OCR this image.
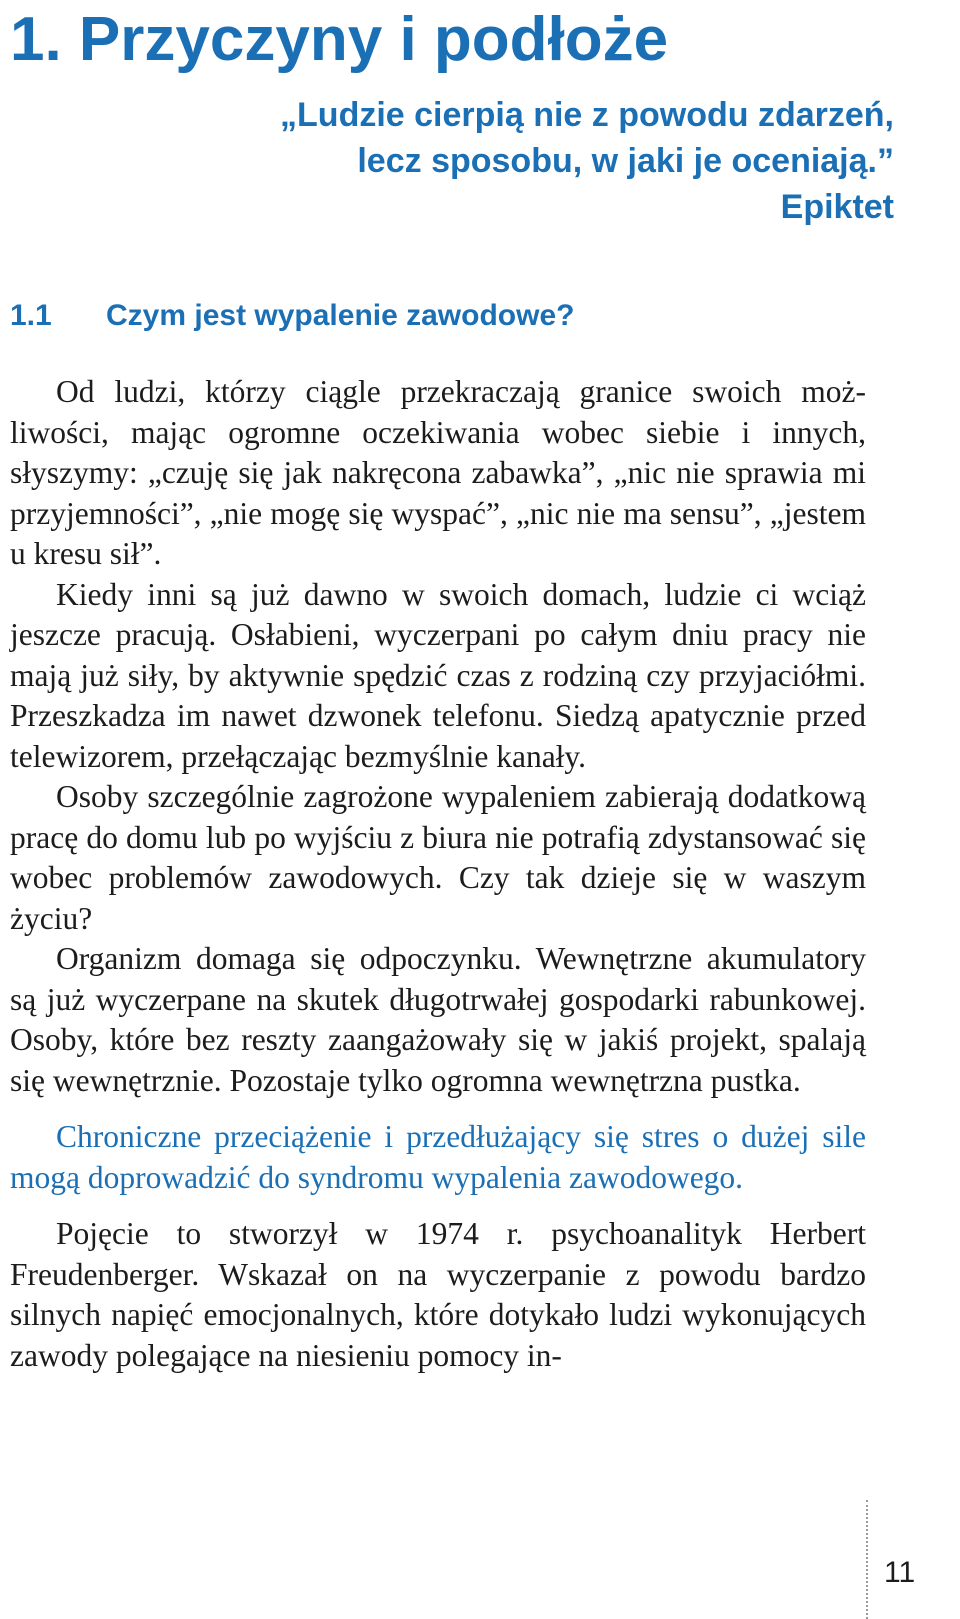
1. Przyczyny i podłoże
„Ludzie cierpią nie z powodu zdarzeń,
lecz sposobu, w jaki je oceniają.”
Epiktet
1.1 Czym jest wypalenie zawodowe?

Od ludzi, którzy ciągle przekraczają granice swoich możliwości, mając ogromne oczekiwania wobec siebie i innych, słyszymy: „czuję się jak nakręcona zabawka”, „nic nie sprawia mi przyjemności”, „nie mogę się wyspać”, „nic nie ma sensu”, „jestem u kresu sił”.

Kiedy inni są już dawno w swoich domach, ludzie ci wciąż jeszcze pracują. Osłabieni, wyczerpani po całym dniu pracy nie mają już siły, by aktywnie spędzić czas z rodziną czy przyjaciółmi. Przeszkadza im nawet dzwonek telefonu. Siedzą apatycznie przed telewizorem, przełączając bezmyślnie kanały.

Osoby szczególnie zagrożone wypaleniem zabierają dodatkową pracę do domu lub po wyjściu z biura nie potrafią zdystansować się wobec problemów zawodowych. Czy tak dzieje się w waszym życiu?

Organizm domaga się odpoczynku. Wewnętrzne akumulatory są już wyczerpane na skutek długotrwałej gospodarki rabunkowej. Osoby, które bez reszty zaangażowały się w jakiś projekt, spalają się wewnętrznie. Pozostaje tylko ogromna wewnętrzna pustka.

Chroniczne przeciążenie i przedłużający się stres o dużej sile mogą doprowadzić do syndromu wypalenia zawodowego.

Pojęcie to stworzył w 1974 r. psychoanalityk Herbert Freudenberger. Wskazał on na wyczerpanie z powodu bardzo silnych napięć emocjonalnych, które dotykało ludzi wykonujących zawody polegające na niesieniu pomocy in-

11
